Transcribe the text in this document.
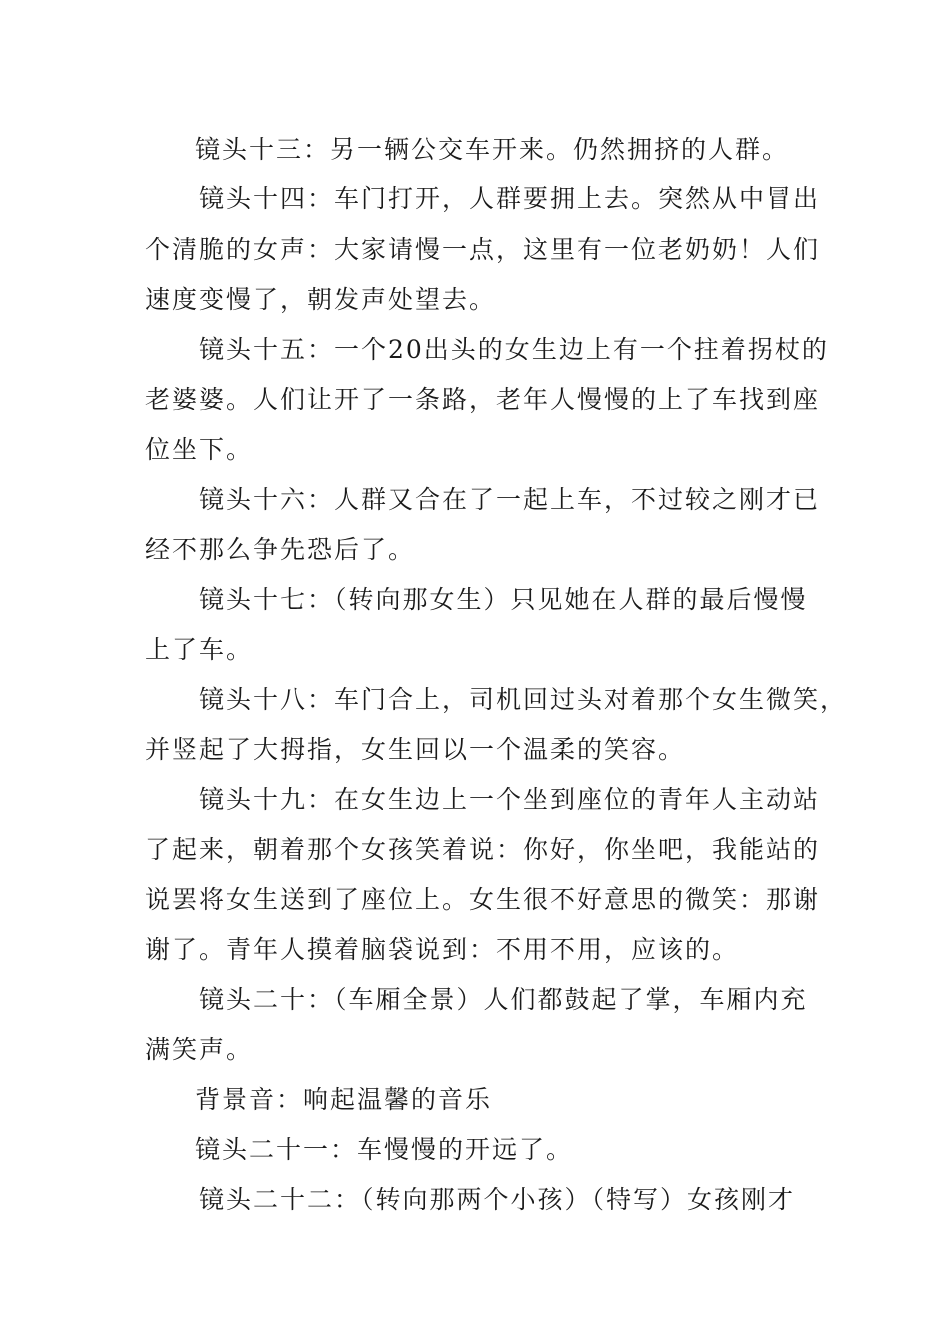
镜头十三：另一辆公交车开来。仍然拥挤的人群。
镜头十四：车门打开，人群要拥上去。突然从中冒出
个清脆的女声：大家请慢一点，这里有一位老奶奶！人们
速度变慢了，朝发声处望去。
镜头十五：一个20出头的女生边上有一个拄着拐杖的
老婆婆。人们让开了一条路，老年人慢慢的上了车找到座
位坐下。
镜头十六：人群又合在了一起上车，不过较之刚才已
经不那么争先恐后了。
镜头十七：（转向那女生）只见她在人群的最后慢慢
上了车。
镜头十八：车门合上，司机回过头对着那个女生微笑，
并竖起了大拇指，女生回以一个温柔的笑容。
镜头十九：在女生边上一个坐到座位的青年人主动站
了起来，朝着那个女孩笑着说：你好，你坐吧，我能站的
说罢将女生送到了座位上。女生很不好意思的微笑：那谢
谢了。青年人摸着脑袋说到：不用不用，应该的。
镜头二十：（车厢全景）人们都鼓起了掌，车厢内充
满笑声。
背景音：响起温馨的音乐
镜头二十一：车慢慢的开远了。
镜头二十二：（转向那两个小孩）（特写）女孩刚才
